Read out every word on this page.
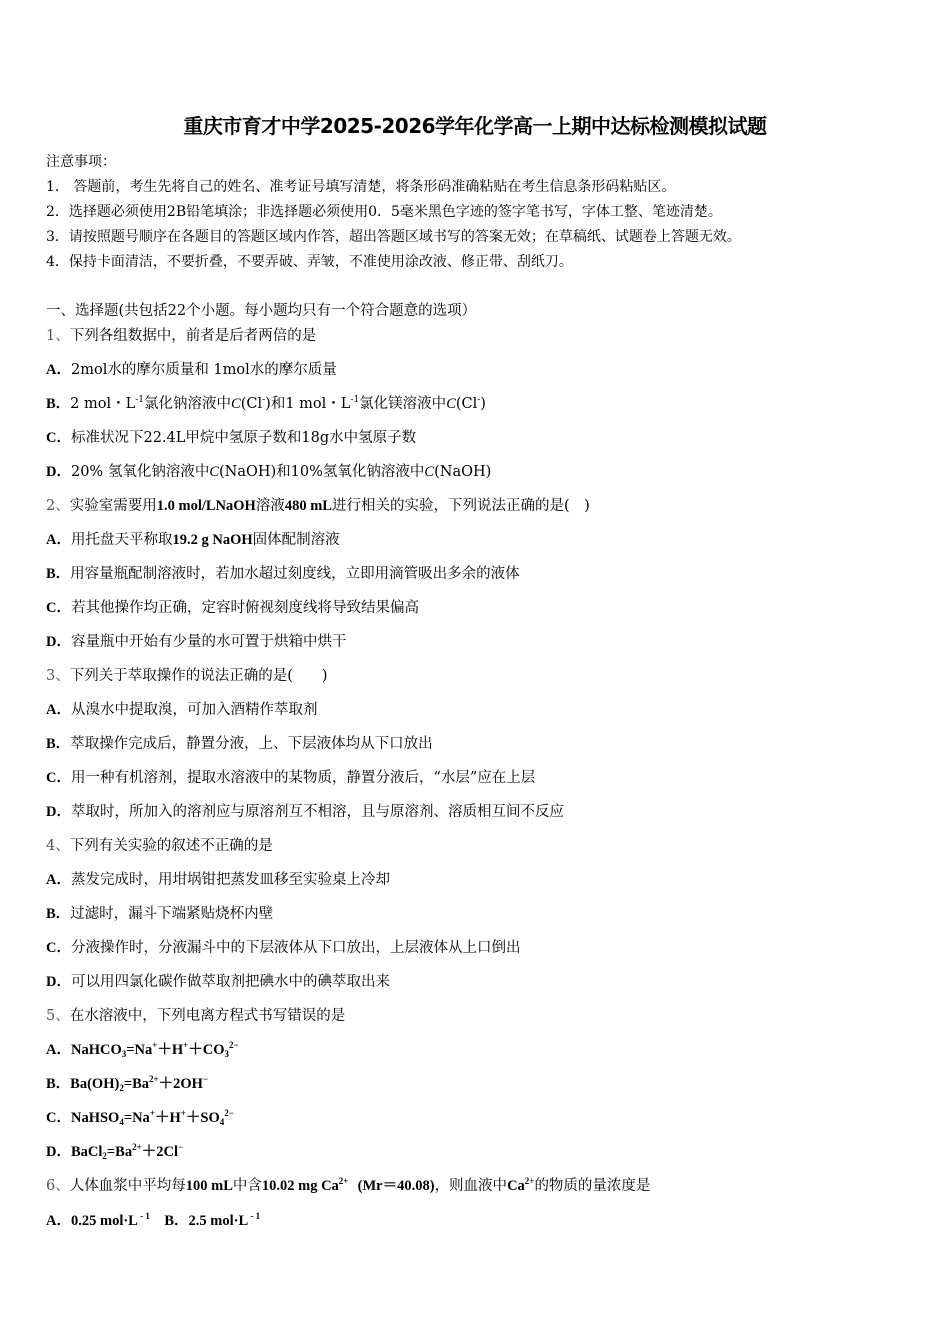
重庆市育才中学2025-2026学年化学高一上期中达标检测模拟试题
注意事项：
1.　答题前，考生先将自己的姓名、准考证号填写清楚，将条形码准确粘贴在考生信息条形码粘贴区。
2．选择题必须使用2B铅笔填涂；非选择题必须使用0．5毫米黑色字迹的签字笔书写，字体工整、笔迹清楚。
3．请按照题号顺序在各题目的答题区域内作答，超出答题区域书写的答案无效；在草稿纸、试题卷上答题无效。
4．保持卡面清洁，不要折叠，不要弄破、弄皱，不准使用涂改液、修正带、刮纸刀。
一、选择题(共包括22个小题。每小题均只有一个符合题意的选项）
1、下列各组数据中，前者是后者两倍的是
A．2mol水的摩尔质量和 1mol水的摩尔质量
B．2 mol・$L^{-1}$氯化钠溶液中C(Cl-)和1 mol・$L^{-1}$氯化镁溶液中C(Cl-)
C．标准状况下22.4L甲烷中氢原子数和18g水中氢原子数
D．20% 氢氧化钠溶液中C(NaOH)和10%氢氧化钠溶液中C(NaOH)
2、实验室需要用1.0 mol/LNaOH溶液480 mL进行相关的实验，下列说法正确的是(　)
A．用托盘天平称取19.2 g NaOH固体配制溶液
B．用容量瓶配制溶液时，若加水超过刻度线，立即用滴管吸出多余的液体
C．若其他操作均正确，定容时俯视刻度线将导致结果偏高
D．容量瓶中开始有少量的水可置于烘箱中烘干
3、下列关于萃取操作的说法正确的是(　　)
A．从溴水中提取溴，可加入酒精作萃取剂
B．萃取操作完成后，静置分液，上、下层液体均从下口放出
C．用一种有机溶剂，提取水溶液中的某物质，静置分液后，“水层”应在上层
D．萃取时，所加入的溶剂应与原溶剂互不相溶，且与原溶剂、溶质相互间不反应
4、下列有关实验的叙述不正确的是
A．蒸发完成时，用坩埚钳把蒸发皿移至实验桌上冷却
B．过滤时，漏斗下端紧贴烧杯内壁
C．分液操作时，分液漏斗中的下层液体从下口放出，上层液体从上口倒出
D．可以用四氯化碳作做萃取剂把碘水中的碘萃取出来
5、在水溶液中，下列电离方程式书写错误的是
A．$NaHCO_3=Na^++H^++CO_3^{2-}$
B．$Ba(OH)_2=Ba^{2+}+2OH^-$
C．$NaHSO_4=Na^++H^++SO_4^{2-}$
D．$BaCl_2=Ba^{2+}+2Cl^-$
6、人体血浆中平均每100 mL中含10.02 mg $Ca^{2+}$ (Mr＝40.08)，则血液中$Ca^{2+}$的物质的量浓度是
A．0.25 mol·L $^{- 1}$ B．2.5 mol·L $^{- 1}$
